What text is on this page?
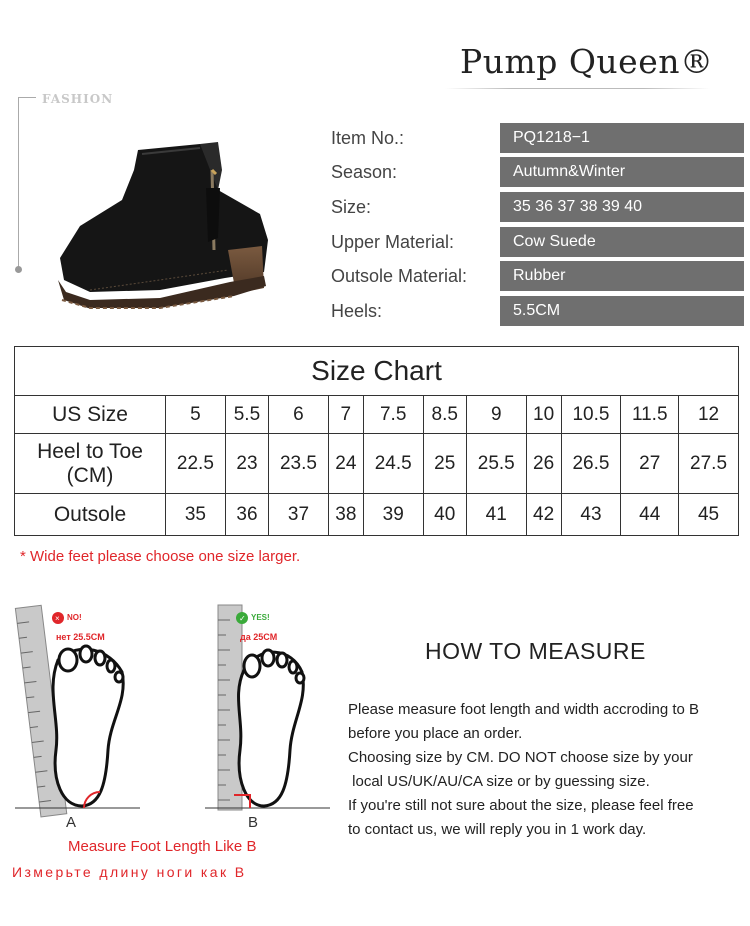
Pump Queen®
FASHION
Item No.:	PQ1218−1
Season:	Autumn&Winter
Size:	35 36 37 38 39 40
Upper Material:	Cow Suede
Outsole Material:	Rubber
Heels:	5.5CM
Size Chart											
US Size	5	5.5	6	7	7.5	8.5	9	10	10.5	11.5	12
Heel to Toe (CM)	22.5	23	23.5	24	24.5	25	25.5	26	26.5	27	27.5
Outsole	35	36	37	38	39	40	41	42	43	44	45
* Wide feet please choose one size larger.
× NO!
нет 25.5CM
A
✓ YES!
да 25CM
B
Measure Foot Length Like B
Измерьте длину ноги как В
HOW TO MEASURE
Please measure foot length and width accroding to B
before you place an order.
Choosing size by CM. DO NOT choose size by your
local US/UK/AU/CA size or by guessing size.
If you're still not sure about the size, please feel free
to contact us, we will reply you in 1 work day.
